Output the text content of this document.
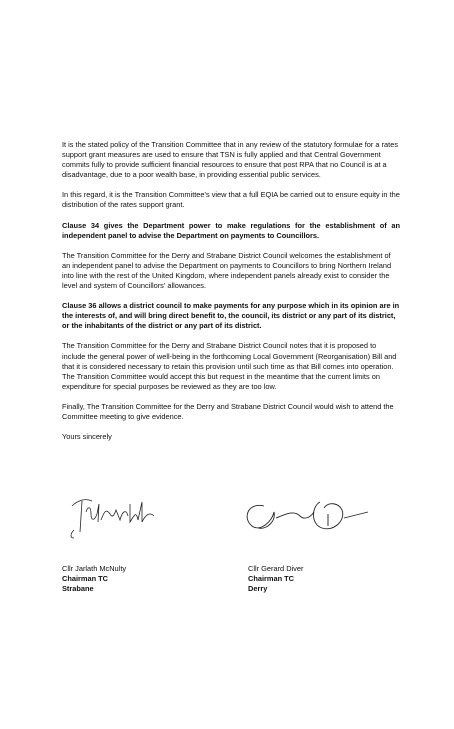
It is the stated policy of the Transition Committee that in any review of the statutory formulae for a rates support grant measures are used to ensure that TSN is fully applied and that Central Government commits fully to provide sufficient financial resources to ensure that post RPA that no Council is at a disadvantage, due to a poor wealth base, in providing essential public services.

In this regard, it is the Transition Committee's view that a full EQIA be carried out to ensure equity in the distribution of the rates support grant.

Clause 34 gives the Department power to make regulations for the establishment of an independent panel to advise the Department on payments to Councillors.

The Transition Committee for the Derry and Strabane District Council welcomes the establishment of an independent panel to advise the Department on payments to Councillors to bring Northern Ireland into line with the rest of the United Kingdom, where independent panels already exist to consider the level and system of Councillors' allowances.

Clause 36 allows a district council to make payments for any purpose which in its opinion are in the interests of, and will bring direct benefit to, the council, its district or any part of its district, or the inhabitants of the district or any part of its district.

The Transition Committee for the Derry and Strabane District Council notes that it is proposed to include the general power of well-being in the forthcoming Local Government (Reorganisation) Bill and that it is considered necessary to retain this provision until such time as that Bill comes into operation. The Transition Committee would accept this but request in the meantime that the current limits on expenditure for special purposes be reviewed as they are too low.

Finally, The Transition Committee for the Derry and Strabane District Council would wish to attend the Committee meeting to give evidence.

Yours sincerely

Cllr Jarlath McNulty
Chairman TC
Strabane
Cllr Gerard Diver
Chairman TC
Derry
